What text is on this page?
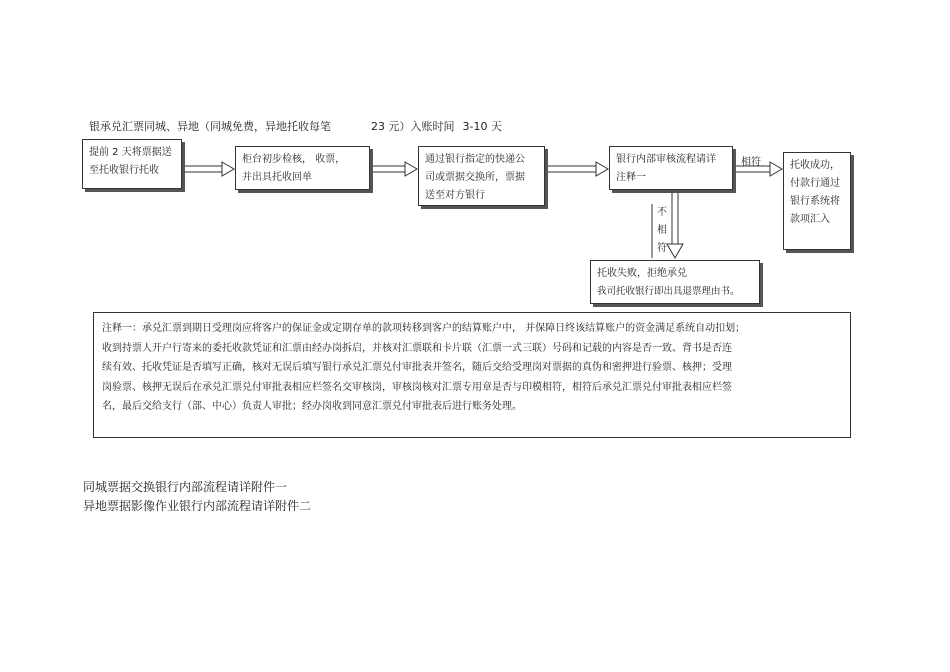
银承兑汇票同城、异地（同城免费，异地托收每笔	23 元）入账时间 3-10 天

提前 2 天将票据送
至托收银行托收
柜台初步检核， 收票，
并出具托收回单
通过银行指定的快递公
司或票据交换所，票据
送至对方银行
银行内部审核流程请详
注释一
相符	托收成功，
付款行通过
银行系统将
款项汇入
不
相
符
托收失败，拒绝承兑
我司托收银行即出具退票理由书。
注释一：承兑汇票到期日受理岗应将客户的保证金或定期存单的款项转移到客户的结算账户中， 并保障日终该结算账户的资金满足系统自动扣划；
收到持票人开户行寄来的委托收款凭证和汇票由经办岗拆启，并核对汇票联和卡片联（汇票一式三联）号码和记载的内容是否一致、背书是否连
续有效、托收凭证是否填写正确，核对无误后填写银行承兑汇票兑付审批表并签名，随后交给受理岗对票据的真伪和密押进行验票、核押；受理
岗验票、核押无误后在承兑汇票兑付审批表相应栏签名交审核岗，审核岗核对汇票专用章是否与印模相符，相符后承兑汇票兑付审批表相应栏签
名，最后交给支行（部、中心）负责人审批；经办岗收到同意汇票兑付审批表后进行账务处理。
同城票据交换银行内部流程请详附件一
异地票据影像作业银行内部流程请详附件二
